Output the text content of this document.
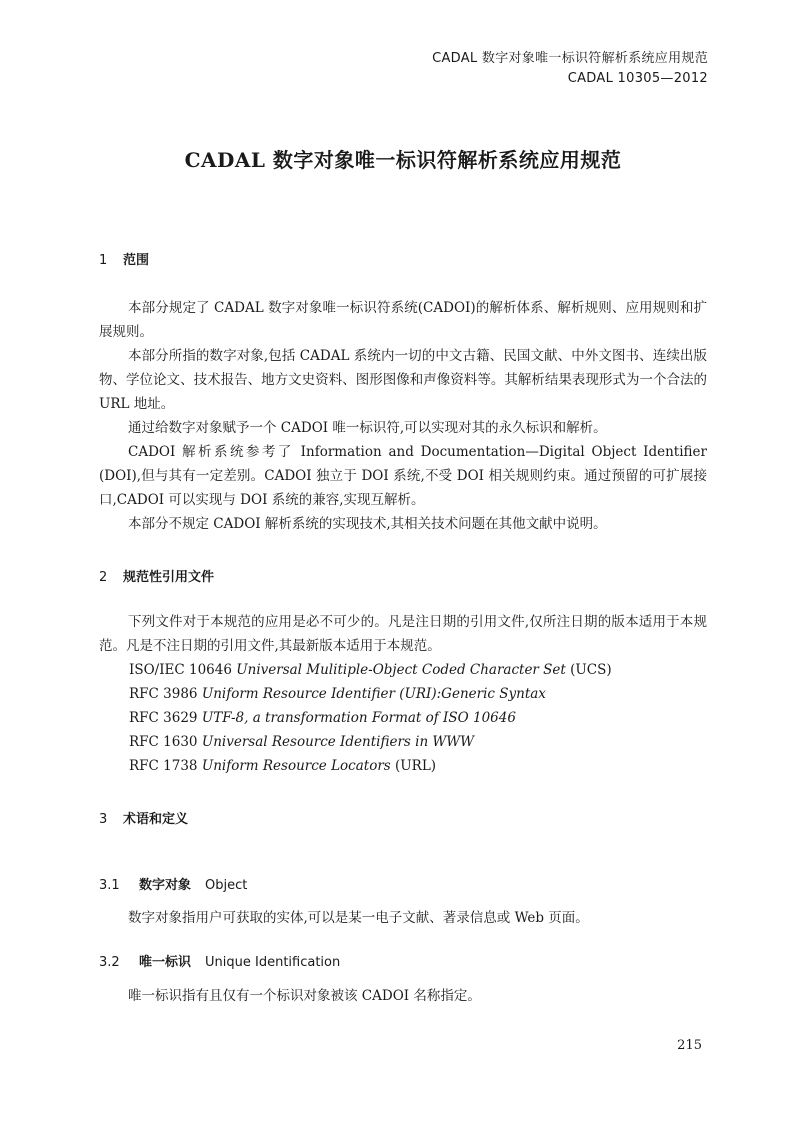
CADAL 数字对象唯一标识符解析系统应用规范
CADAL 10305—2012
CADAL 数字对象唯一标识符解析系统应用规范
1 范围

本部分规定了 CADAL 数字对象唯一标识符系统(CADOI)的解析体系、解析规则、应用规则和扩展规则。

本部分所指的数字对象,包括 CADAL 系统内一切的中文古籍、民国文献、中外文图书、连续出版物、学位论文、技术报告、地方文史资料、图形图像和声像资料等。其解析结果表现形式为一个合法的 URL 地址。

通过给数字对象赋予一个 CADOI 唯一标识符,可以实现对其的永久标识和解析。

CADOI 解析系统参考了 Information and Documentation—Digital Object Identifier (DOI),但与其有一定差别。CADOI 独立于 DOI 系统,不受 DOI 相关规则约束。通过预留的可扩展接口,CADOI 可以实现与 DOI 系统的兼容,实现互解析。

本部分不规定 CADOI 解析系统的实现技术,其相关技术问题在其他文献中说明。

2 规范性引用文件

下列文件对于本规范的应用是必不可少的。凡是注日期的引用文件,仅所注日期的版本适用于本规范。凡是不注日期的引用文件,其最新版本适用于本规范。

ISO/IEC 10646 Universal Mulitiple-Object Coded Character Set (UCS)
RFC 3986 Uniform Resource Identifier (URI):Generic Syntax
RFC 3629 UTF-8, a transformation Format of ISO 10646
RFC 1630 Universal Resource Identifiers in WWW
RFC 1738 Uniform Resource Locators (URL)
3 术语和定义
3.1 数字对象 Object

数字对象指用户可获取的实体,可以是某一电子文献、著录信息或 Web 页面。

3.2 唯一标识 Unique Identification

唯一标识指有且仅有一个标识对象被该 CADOI 名称指定。

215
